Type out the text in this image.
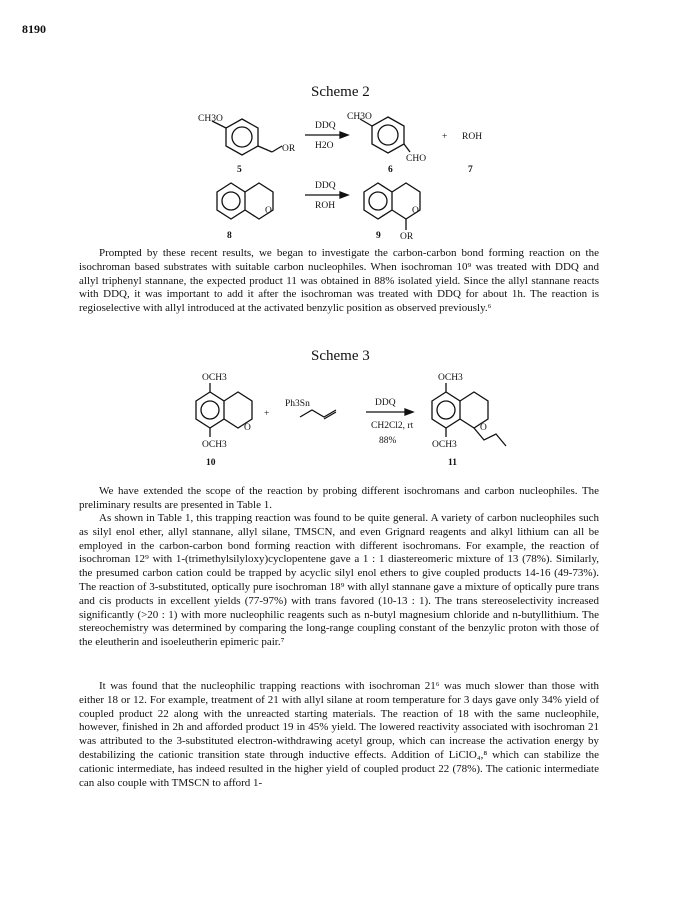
8190
Scheme 2
CH3O
OR
DDQ
H2O
CH3O
CHO
+ ROH
5	6	7
O
DDQ
ROH	O
OR
8	9
OCH3
OCH3
O
+
Ph3Sn	DDQ
CH2Cl2, rt
88%
OCH3
OCH3
O
10	11

Prompted by these recent results, we began to investigate the carbon-carbon bond forming reaction on the isochroman based substrates with suitable carbon nucleophiles. When isochroman 10⁹ was treated with DDQ and allyl triphenyl stannane, the expected product 11 was obtained in 88% isolated yield. Since the allyl stannane reacts with DDQ, it was important to add it after the isochroman was treated with DDQ for about 1h. The reaction is regioselective with allyl introduced at the activated benzylic position as observed previously.⁶

Scheme 3

We have extended the scope of the reaction by probing different isochromans and carbon nucleophiles. The preliminary results are presented in Table 1.

As shown in Table 1, this trapping reaction was found to be quite general. A variety of carbon nucleophiles such as silyl enol ether, allyl stannane, allyl silane, TMSCN, and even Grignard reagents and alkyl lithium can all be employed in the carbon-carbon bond forming reaction with different isochromans. For example, the reaction of isochroman 12⁹ with 1-(trimethylsilyloxy)cyclopentene gave a 1 : 1 diastereomeric mixture of 13 (78%). Similarly, the presumed carbon cation could be trapped by acyclic silyl enol ethers to give coupled products 14-16 (49-73%). The reaction of 3-substituted, optically pure isochroman 18⁹ with allyl stannane gave a mixture of optically pure trans and cis products in excellent yields (77-97%) with trans favored (10-13 : 1). The trans stereoselectivity increased significantly (>20 : 1) with more nucleophilic reagents such as n-butyl magnesium chloride and n-butyllithium. The stereochemistry was determined by comparing the long-range coupling constant of the benzylic proton with those of the eleutherin and isoeleutherin epimeric pair.⁷

It was found that the nucleophilic trapping reactions with isochroman 21⁶ was much slower than those with either 18 or 12. For example, treatment of 21 with allyl silane at room temperature for 3 days gave only 34% yield of coupled product 22 along with the unreacted starting materials. The reaction of 18 with the same nucleophile, however, finished in 2h and afforded product 19 in 45% yield. The lowered reactivity associated with isochroman 21 was attributed to the 3-substituted electron-withdrawing acetyl group, which can increase the activation energy by destabilizing the cationic transition state through inductive effects. Addition of LiClO₄,⁸ which can stabilize the cationic intermediate, has indeed resulted in the higher yield of coupled product 22 (78%). The cationic intermediate can also couple with TMSCN to afford 1-
